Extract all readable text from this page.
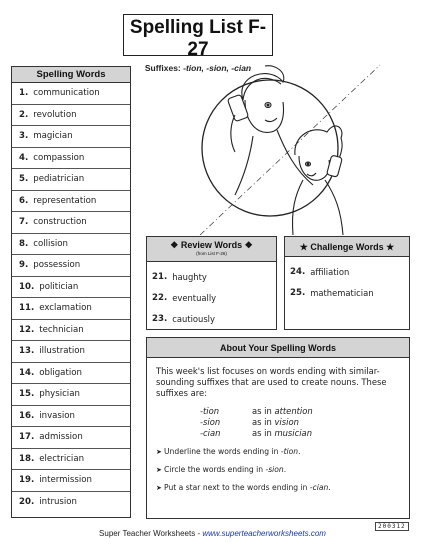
Spelling List F-27
Suffixes: -tion, -sion, -cian
Spelling Words
1. communication
2. revolution
3. magician
4. compassion
5. pediatrician
6. representation
7. construction
8. collision
9. possession
10. politician
11. exclamation
12. technician
13. illustration
14. obligation
15. physician
16. invasion
17. admission
18. electrician
19. intermission
20. intrusion
❖ Review Words ❖
(from List F-26)
21. haughty
22. eventually
23. cautiously
★ Challenge Words ★
24. affiliation
25. mathematician
About Your Spelling Words

This week's list focuses on words ending with similar-sounding suffixes that are used to create nouns. These suffixes are:

-tion	as in attention
-sion	as in vision
-cian	as in musician
➤ Underline the words ending in -tion.
➤ Circle the words ending in -sion.
➤ Put a star next to the words ending in -cian.
200312
Super Teacher Worksheets - www.superteacherworksheets.com
